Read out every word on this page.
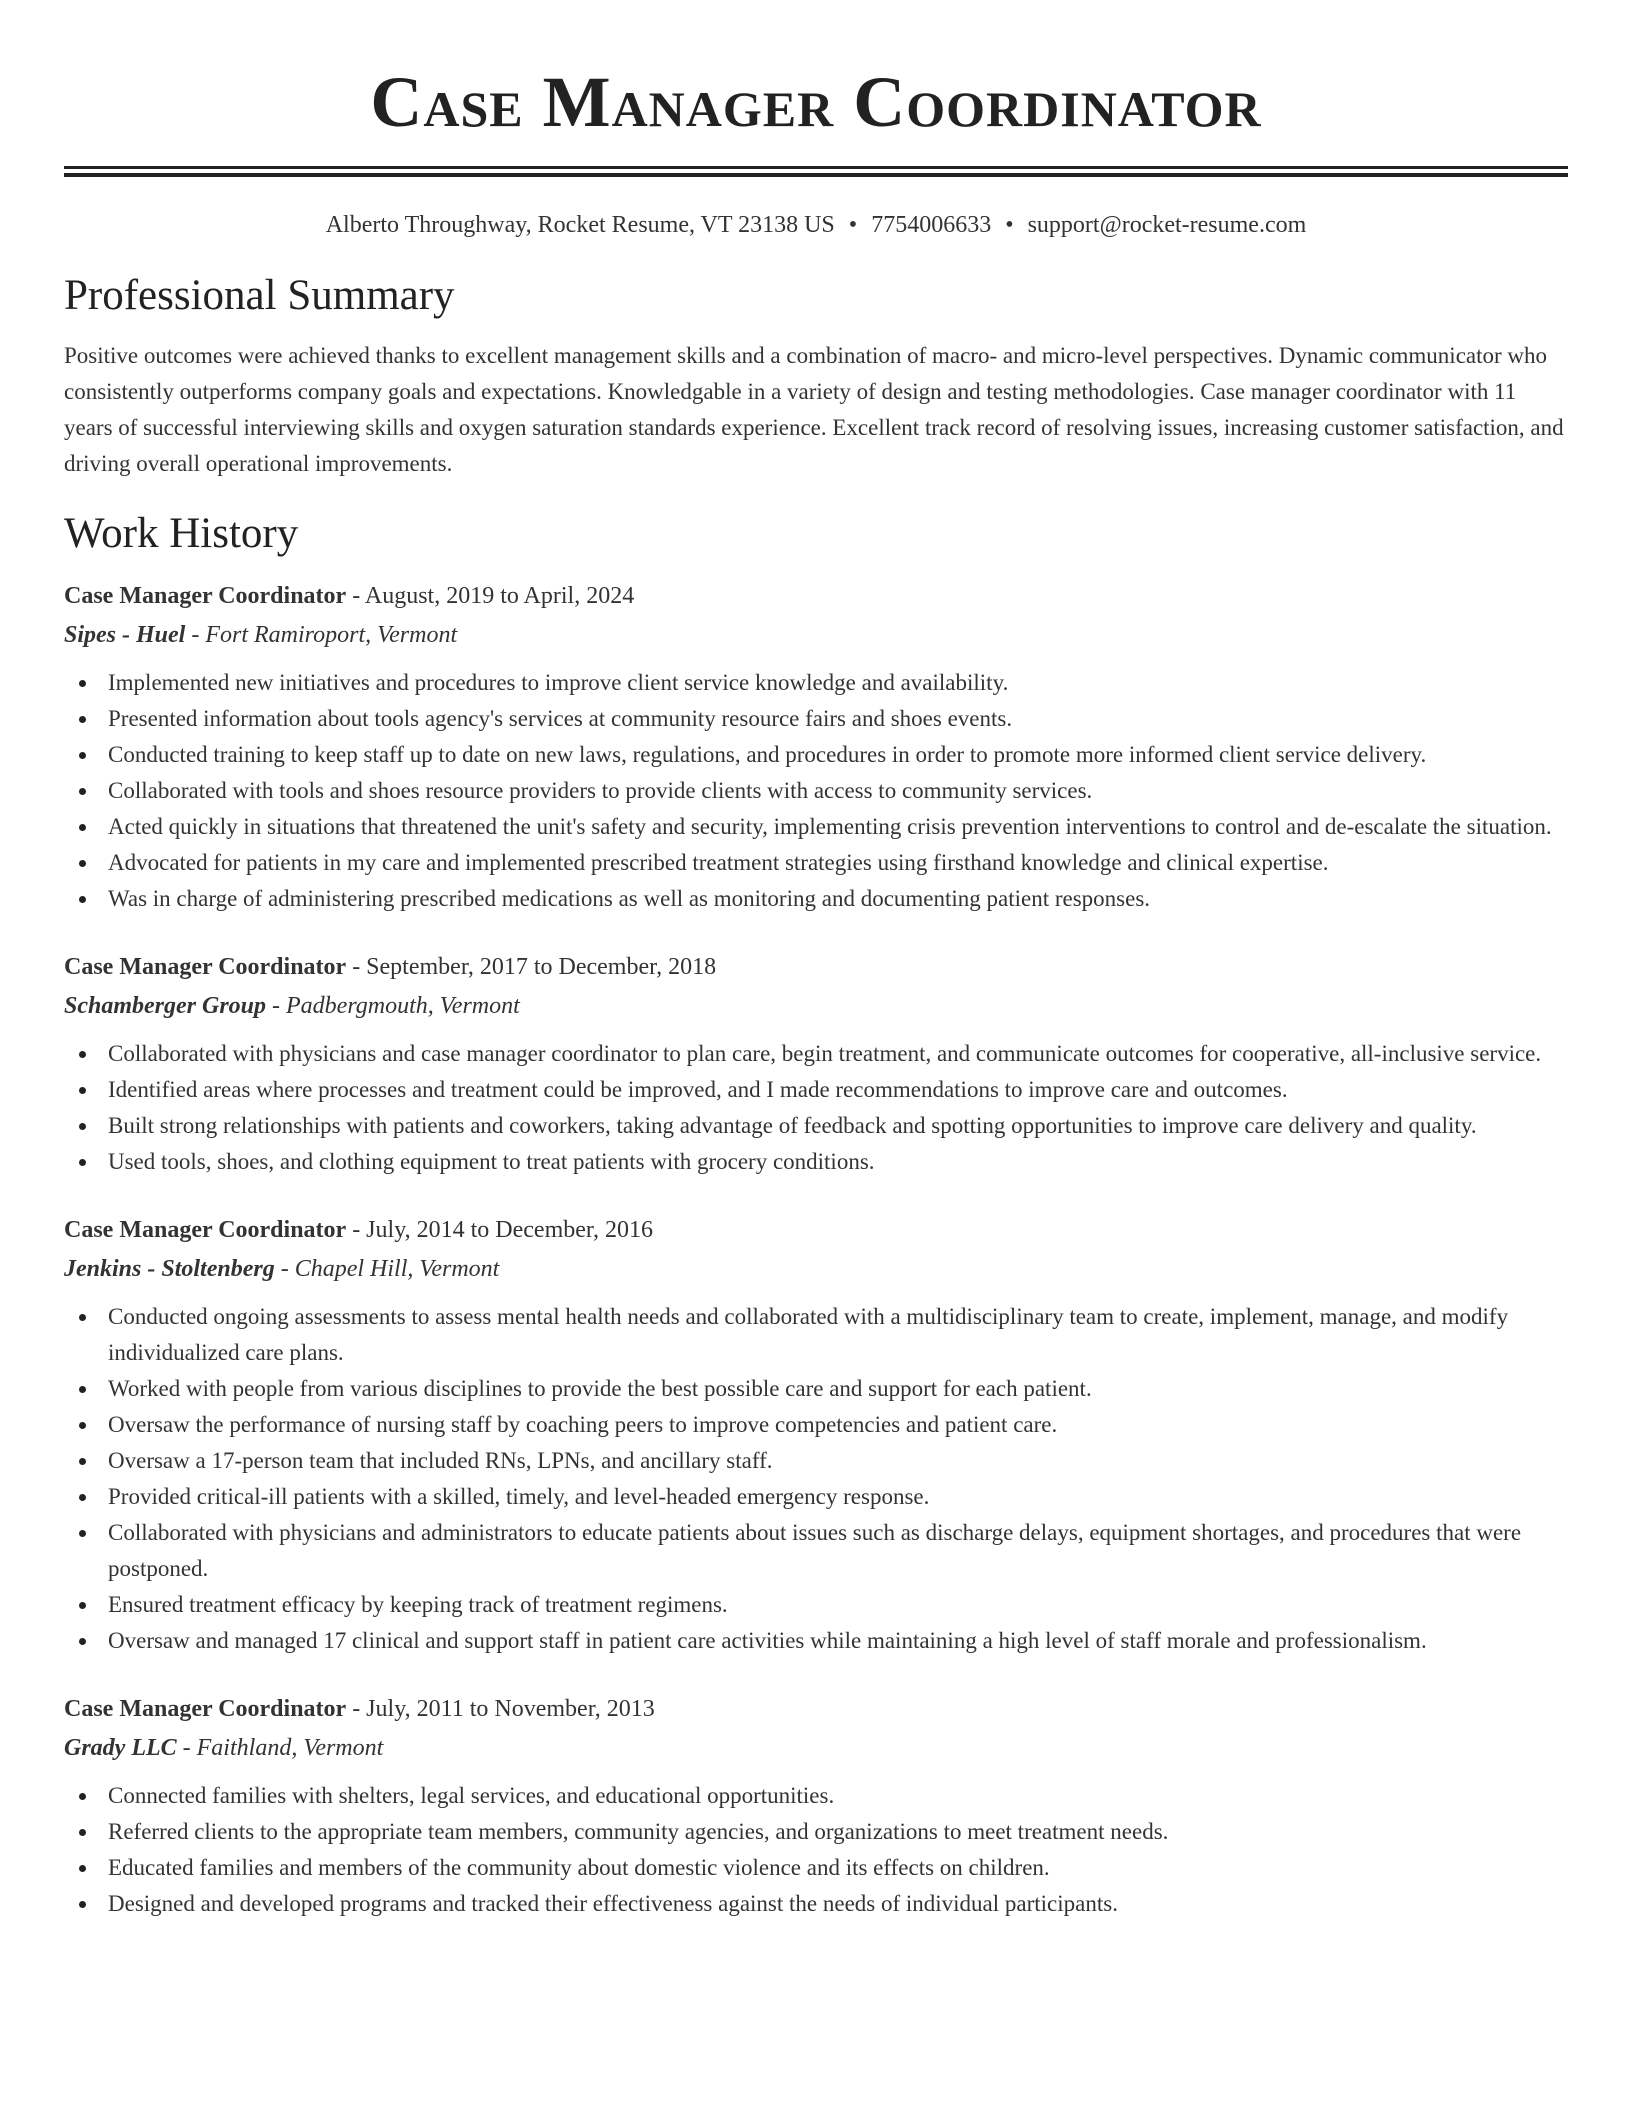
Case Manager Coordinator
Alberto Throughway, Rocket Resume, VT 23138 US • 7754006633 • support@rocket-resume.com
Professional Summary

Positive outcomes were achieved thanks to excellent management skills and a combination of macro- and micro-level perspectives. Dynamic communicator who consistently outperforms company goals and expectations. Knowledgable in a variety of design and testing methodologies. Case manager coordinator with 11 years of successful interviewing skills and oxygen saturation standards experience. Excellent track record of resolving issues, increasing customer satisfaction, and driving overall operational improvements.

Work History
Case Manager Coordinator - August, 2019 to April, 2024
Sipes - Huel - Fort Ramiroport, Vermont
Implemented new initiatives and procedures to improve client service knowledge and availability.
Presented information about tools agency's services at community resource fairs and shoes events.
Conducted training to keep staff up to date on new laws, regulations, and procedures in order to promote more informed client service delivery.
Collaborated with tools and shoes resource providers to provide clients with access to community services.
Acted quickly in situations that threatened the unit's safety and security, implementing crisis prevention interventions to control and de-escalate the situation.
Advocated for patients in my care and implemented prescribed treatment strategies using firsthand knowledge and clinical expertise.
Was in charge of administering prescribed medications as well as monitoring and documenting patient responses.
Case Manager Coordinator - September, 2017 to December, 2018
Schamberger Group - Padbergmouth, Vermont
Collaborated with physicians and case manager coordinator to plan care, begin treatment, and communicate outcomes for cooperative, all-inclusive service.
Identified areas where processes and treatment could be improved, and I made recommendations to improve care and outcomes.
Built strong relationships with patients and coworkers, taking advantage of feedback and spotting opportunities to improve care delivery and quality.
Used tools, shoes, and clothing equipment to treat patients with grocery conditions.
Case Manager Coordinator - July, 2014 to December, 2016
Jenkins - Stoltenberg - Chapel Hill, Vermont
Conducted ongoing assessments to assess mental health needs and collaborated with a multidisciplinary team to create, implement, manage, and modify individualized care plans.
Worked with people from various disciplines to provide the best possible care and support for each patient.
Oversaw the performance of nursing staff by coaching peers to improve competencies and patient care.
Oversaw a 17-person team that included RNs, LPNs, and ancillary staff.
Provided critical-ill patients with a skilled, timely, and level-headed emergency response.
Collaborated with physicians and administrators to educate patients about issues such as discharge delays, equipment shortages, and procedures that were postponed.
Ensured treatment efficacy by keeping track of treatment regimens.
Oversaw and managed 17 clinical and support staff in patient care activities while maintaining a high level of staff morale and professionalism.
Case Manager Coordinator - July, 2011 to November, 2013
Grady LLC - Faithland, Vermont
Connected families with shelters, legal services, and educational opportunities.
Referred clients to the appropriate team members, community agencies, and organizations to meet treatment needs.
Educated families and members of the community about domestic violence and its effects on children.
Designed and developed programs and tracked their effectiveness against the needs of individual participants.
